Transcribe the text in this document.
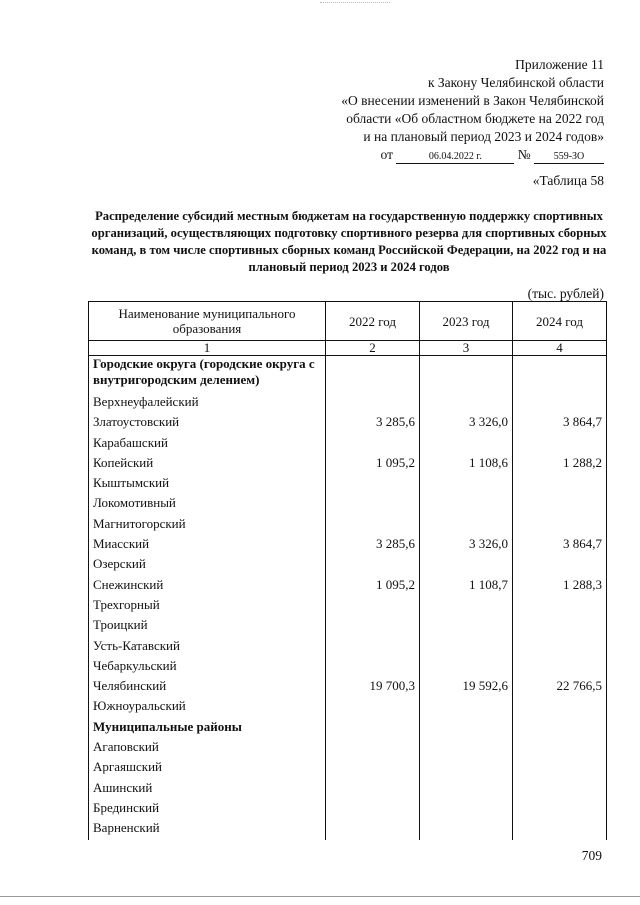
Приложение 11
к Закону Челябинской области
«О внесении изменений в Закон Челябинской
области «Об областном бюджете на 2022 год
и на плановый период 2023 и 2024 годов»
от	06.04.2022 г.	№ 559-ЗО
«Таблица 58
Распределение субсидий местным бюджетам на государственную поддержку спортивных организаций, осуществляющих подготовку спортивного резерва для спортивных сборных команд, в том числе спортивных сборных команд Российской Федерации, на 2022 год и на плановый период 2023 и 2024 годов
(тыс. рублей)
Наименование муниципального образования	2022 год	2023 год	2024 год
1	2	3	4
Городские округа (городские округа с внутригородским делением)			
Верхнеуфалейский			
Златоустовский	3 285,6	3 326,0	3 864,7
Карабашский			
Копейский	1 095,2	1 108,6	1 288,2
Кыштымский			
Локомотивный			
Магнитогорский			
Миасский	3 285,6	3 326,0	3 864,7
Озерский			
Снежинский	1 095,2	1 108,7	1 288,3
Трехгорный			
Троицкий			
Усть-Катавский			
Чебаркульский			
Челябинский	19 700,3	19 592,6	22 766,5
Южноуральский			
Муниципальные районы			
Агаповский			
Аргаяшский			
Ашинский			
Брединский			
Варненский			
709
